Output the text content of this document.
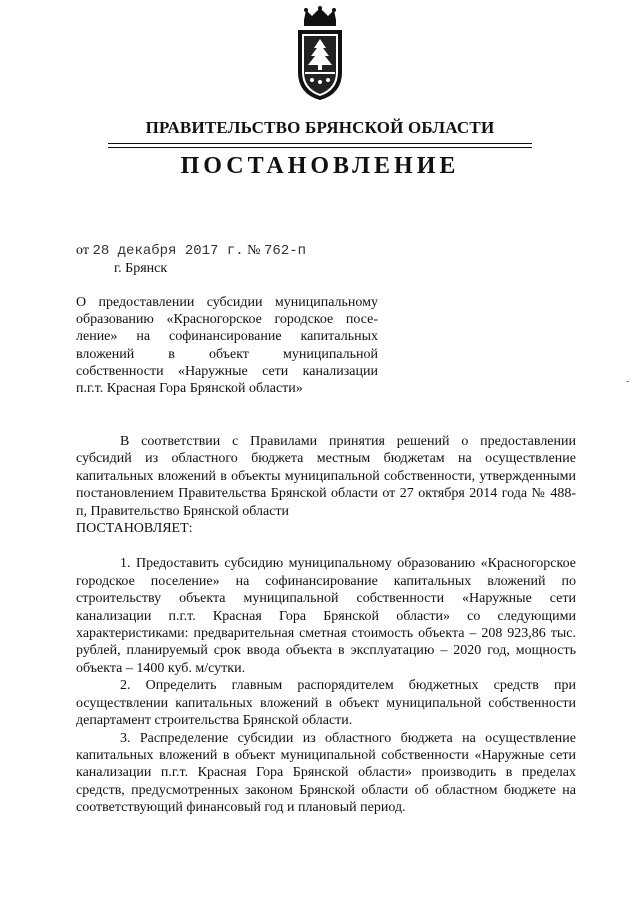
ПРАВИТЕЛЬСТВО БРЯНСКОЙ ОБЛАСТИ
ПОСТАНОВЛЕНИЕ
от 28 декабря 2017 г. № 762-п
г. Брянск
О предоставлении субсидии муниципальному
образованию «Красногорское городское посе-
ление» на софинансирование капитальных
вложений в объект муниципальной
собственности «Наружные сети канализации
п.г.т. Красная Гора Брянской области»	-

В соответствии с Правилами принятия решений о предоставлении субсидий из областного бюджета местным бюджетам на осуществление капитальных вложений в объекты муниципальной собственности, утвержденными постановлением Правительства Брянской области от 27 октября 2014 года № 488-п, Правительство Брянской области

ПОСТАНОВЛЯЕТ:

1. Предоставить субсидию муниципальному образованию «Красногорское городское поселение» на софинансирование капитальных вложений по строительству объекта муниципальной собственности «Наружные сети канализации п.г.т. Красная Гора Брянской области» со следующими характеристиками: предварительная сметная стоимость объекта – 208 923,86 тыс. рублей, планируемый срок ввода объекта в эксплуатацию – 2020 год, мощность объекта – 1400 куб. м/сутки.

2. Определить главным распорядителем бюджетных средств при осуществлении капитальных вложений в объект муниципальной собственности департамент строительства Брянской области.

3. Распределение субсидии из областного бюджета на осуществление капитальных вложений в объект муниципальной собственности «Наружные сети канализации п.г.т. Красная Гора Брянской области» производить в пределах средств, предусмотренных законом Брянской области об областном бюджете на соответствующий финансовый год и плановый период.
